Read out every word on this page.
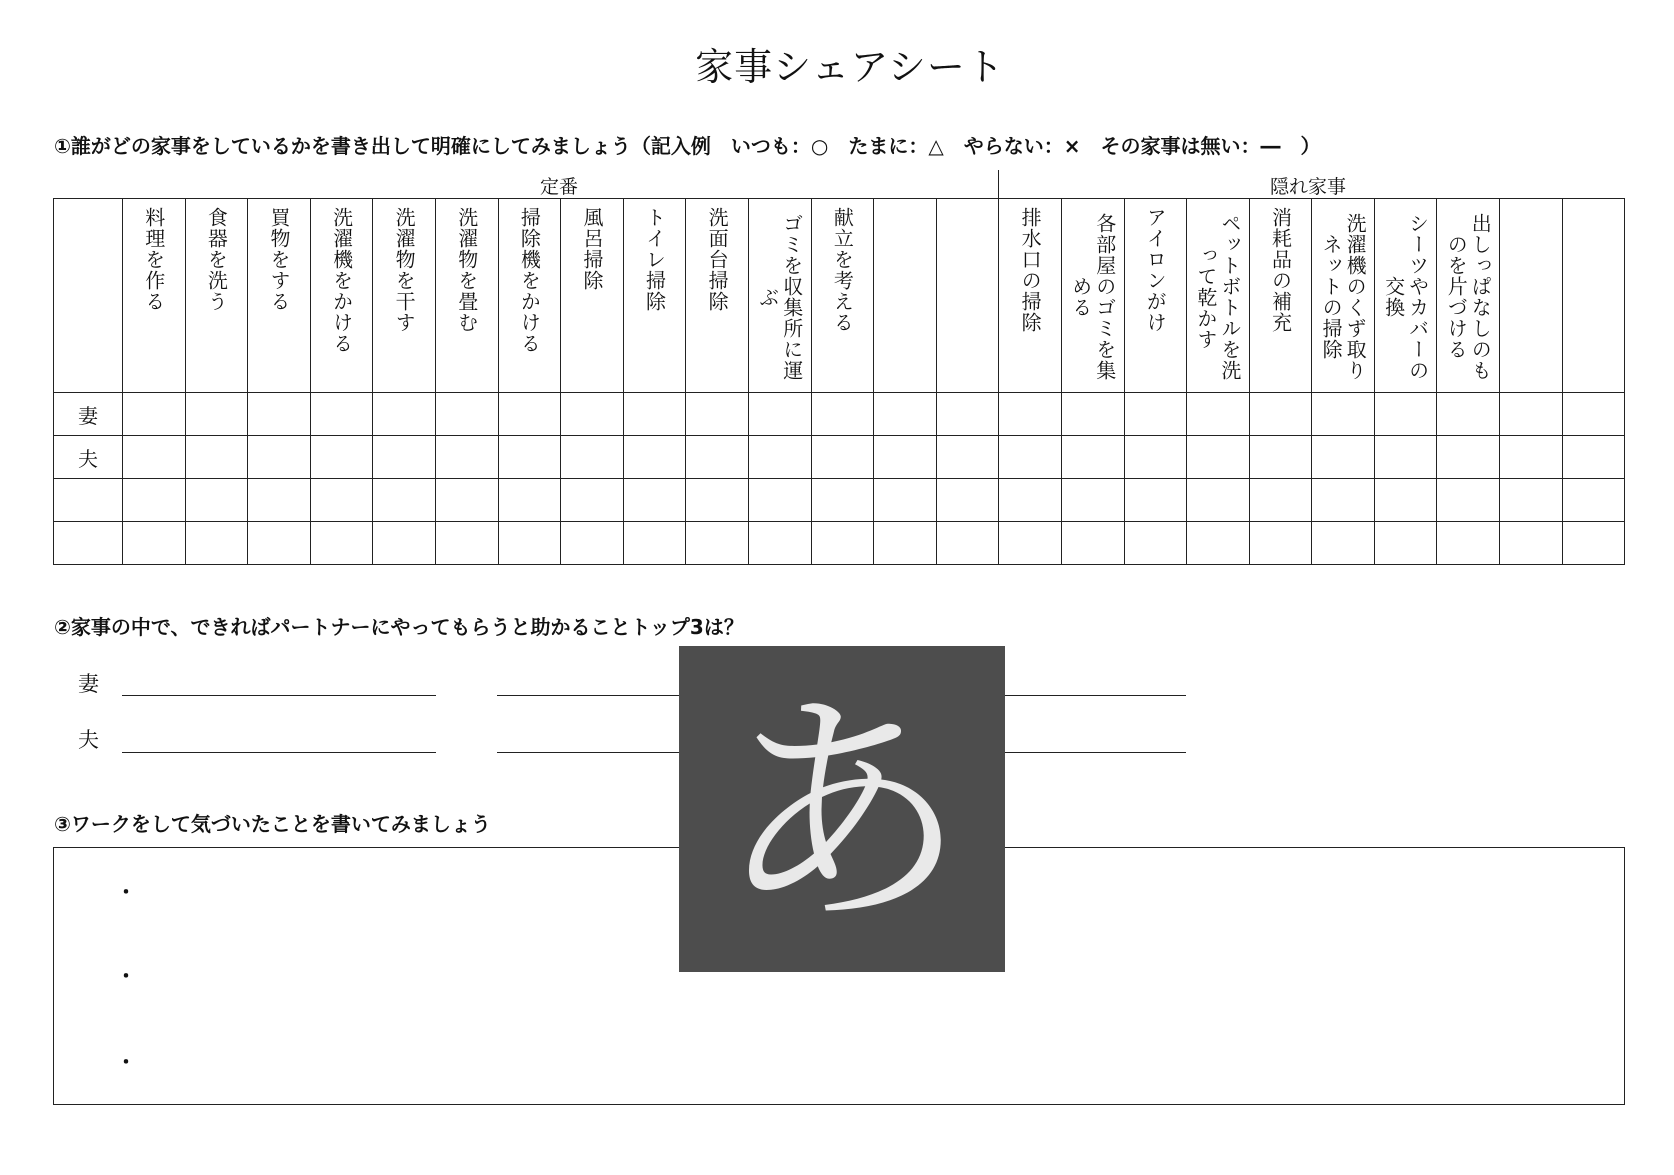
家事シェアシート
①誰がどの家事をしているかを書き出して明確にしてみましょう（記入例　いつも：○　たまに：△　やらない：×　その家事は無い：―　）
定番	隠れ家事
	料理を作る	食器を洗う	買物をする	洗濯機をかける	洗濯物を干す	洗濯物を畳む	掃除機をかける	風呂掃除	トイレ掃除	洗面台掃除	ゴミを収集所に運ぶ	献立を考える			排水口の掃除	各部屋のゴミを集める	アイロンがけ	ペットボトルを洗って乾かす	消耗品の補充	洗濯機のくず取りネットの掃除	シーツやカバーの交換	出しっぱなしのものを片づける		
妻																								
夫																								

②家事の中で、できればパートナーにやってもらうと助かることトップ3は？
妻
夫
③ワークをして気づいたことを書いてみましょう
・
・
・
あ
